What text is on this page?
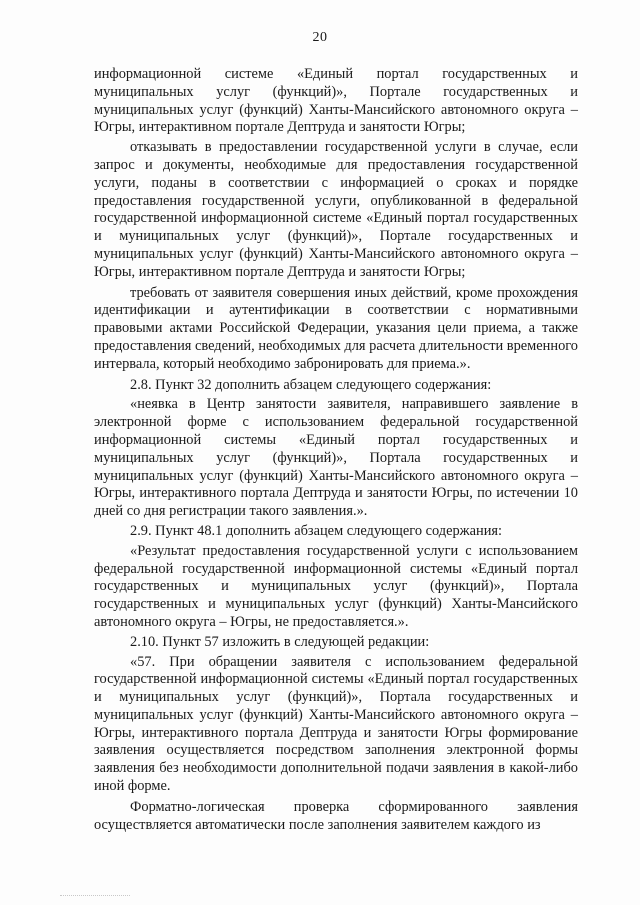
20

информационной системе «Единый портал государственных и муниципальных услуг (функций)», Портале государственных и муниципальных услуг (функций) Ханты-Мансийского автономного округа – Югры, интерактивном портале Дептруда и занятости Югры;

отказывать в предоставлении государственной услуги в случае, если запрос и документы, необходимые для предоставления государственной услуги, поданы в соответствии с информацией о сроках и порядке предоставления государственной услуги, опубликованной в федеральной государственной информационной системе «Единый портал государственных и муниципальных услуг (функций)», Портале государственных и муниципальных услуг (функций) Ханты-Мансийского автономного округа – Югры, интерактивном портале Дептруда и занятости Югры;

требовать от заявителя совершения иных действий, кроме прохождения идентификации и аутентификации в соответствии с нормативными правовыми актами Российской Федерации, указания цели приема, а также предоставления сведений, необходимых для расчета длительности временного интервала, который необходимо забронировать для приема.».

2.8. Пункт 32 дополнить абзацем следующего содержания:

«неявка в Центр занятости заявителя, направившего заявление в электронной форме с использованием федеральной государственной информационной системы «Единый портал государственных и муниципальных услуг (функций)», Портала государственных и муниципальных услуг (функций) Ханты-Мансийского автономного округа – Югры, интерактивного портала Дептруда и занятости Югры, по истечении 10 дней со дня регистрации такого заявления.».

2.9. Пункт 48.1 дополнить абзацем следующего содержания:

«Результат предоставления государственной услуги с использованием федеральной государственной информационной системы «Единый портал государственных и муниципальных услуг (функций)», Портала государственных и муниципальных услуг (функций) Ханты-Мансийского автономного округа – Югры, не предоставляется.».

2.10. Пункт 57 изложить в следующей редакции:

«57. При обращении заявителя с использованием федеральной государственной информационной системы «Единый портал государственных и муниципальных услуг (функций)», Портала государственных и муниципальных услуг (функций) Ханты-Мансийского автономного округа – Югры, интерактивного портала Дептруда и занятости Югры формирование заявления осуществляется посредством заполнения электронной формы заявления без необходимости дополнительной подачи заявления в какой-либо иной форме.

Форматно-логическая проверка сформированного заявления осуществляется автоматически после заполнения заявителем каждого из
